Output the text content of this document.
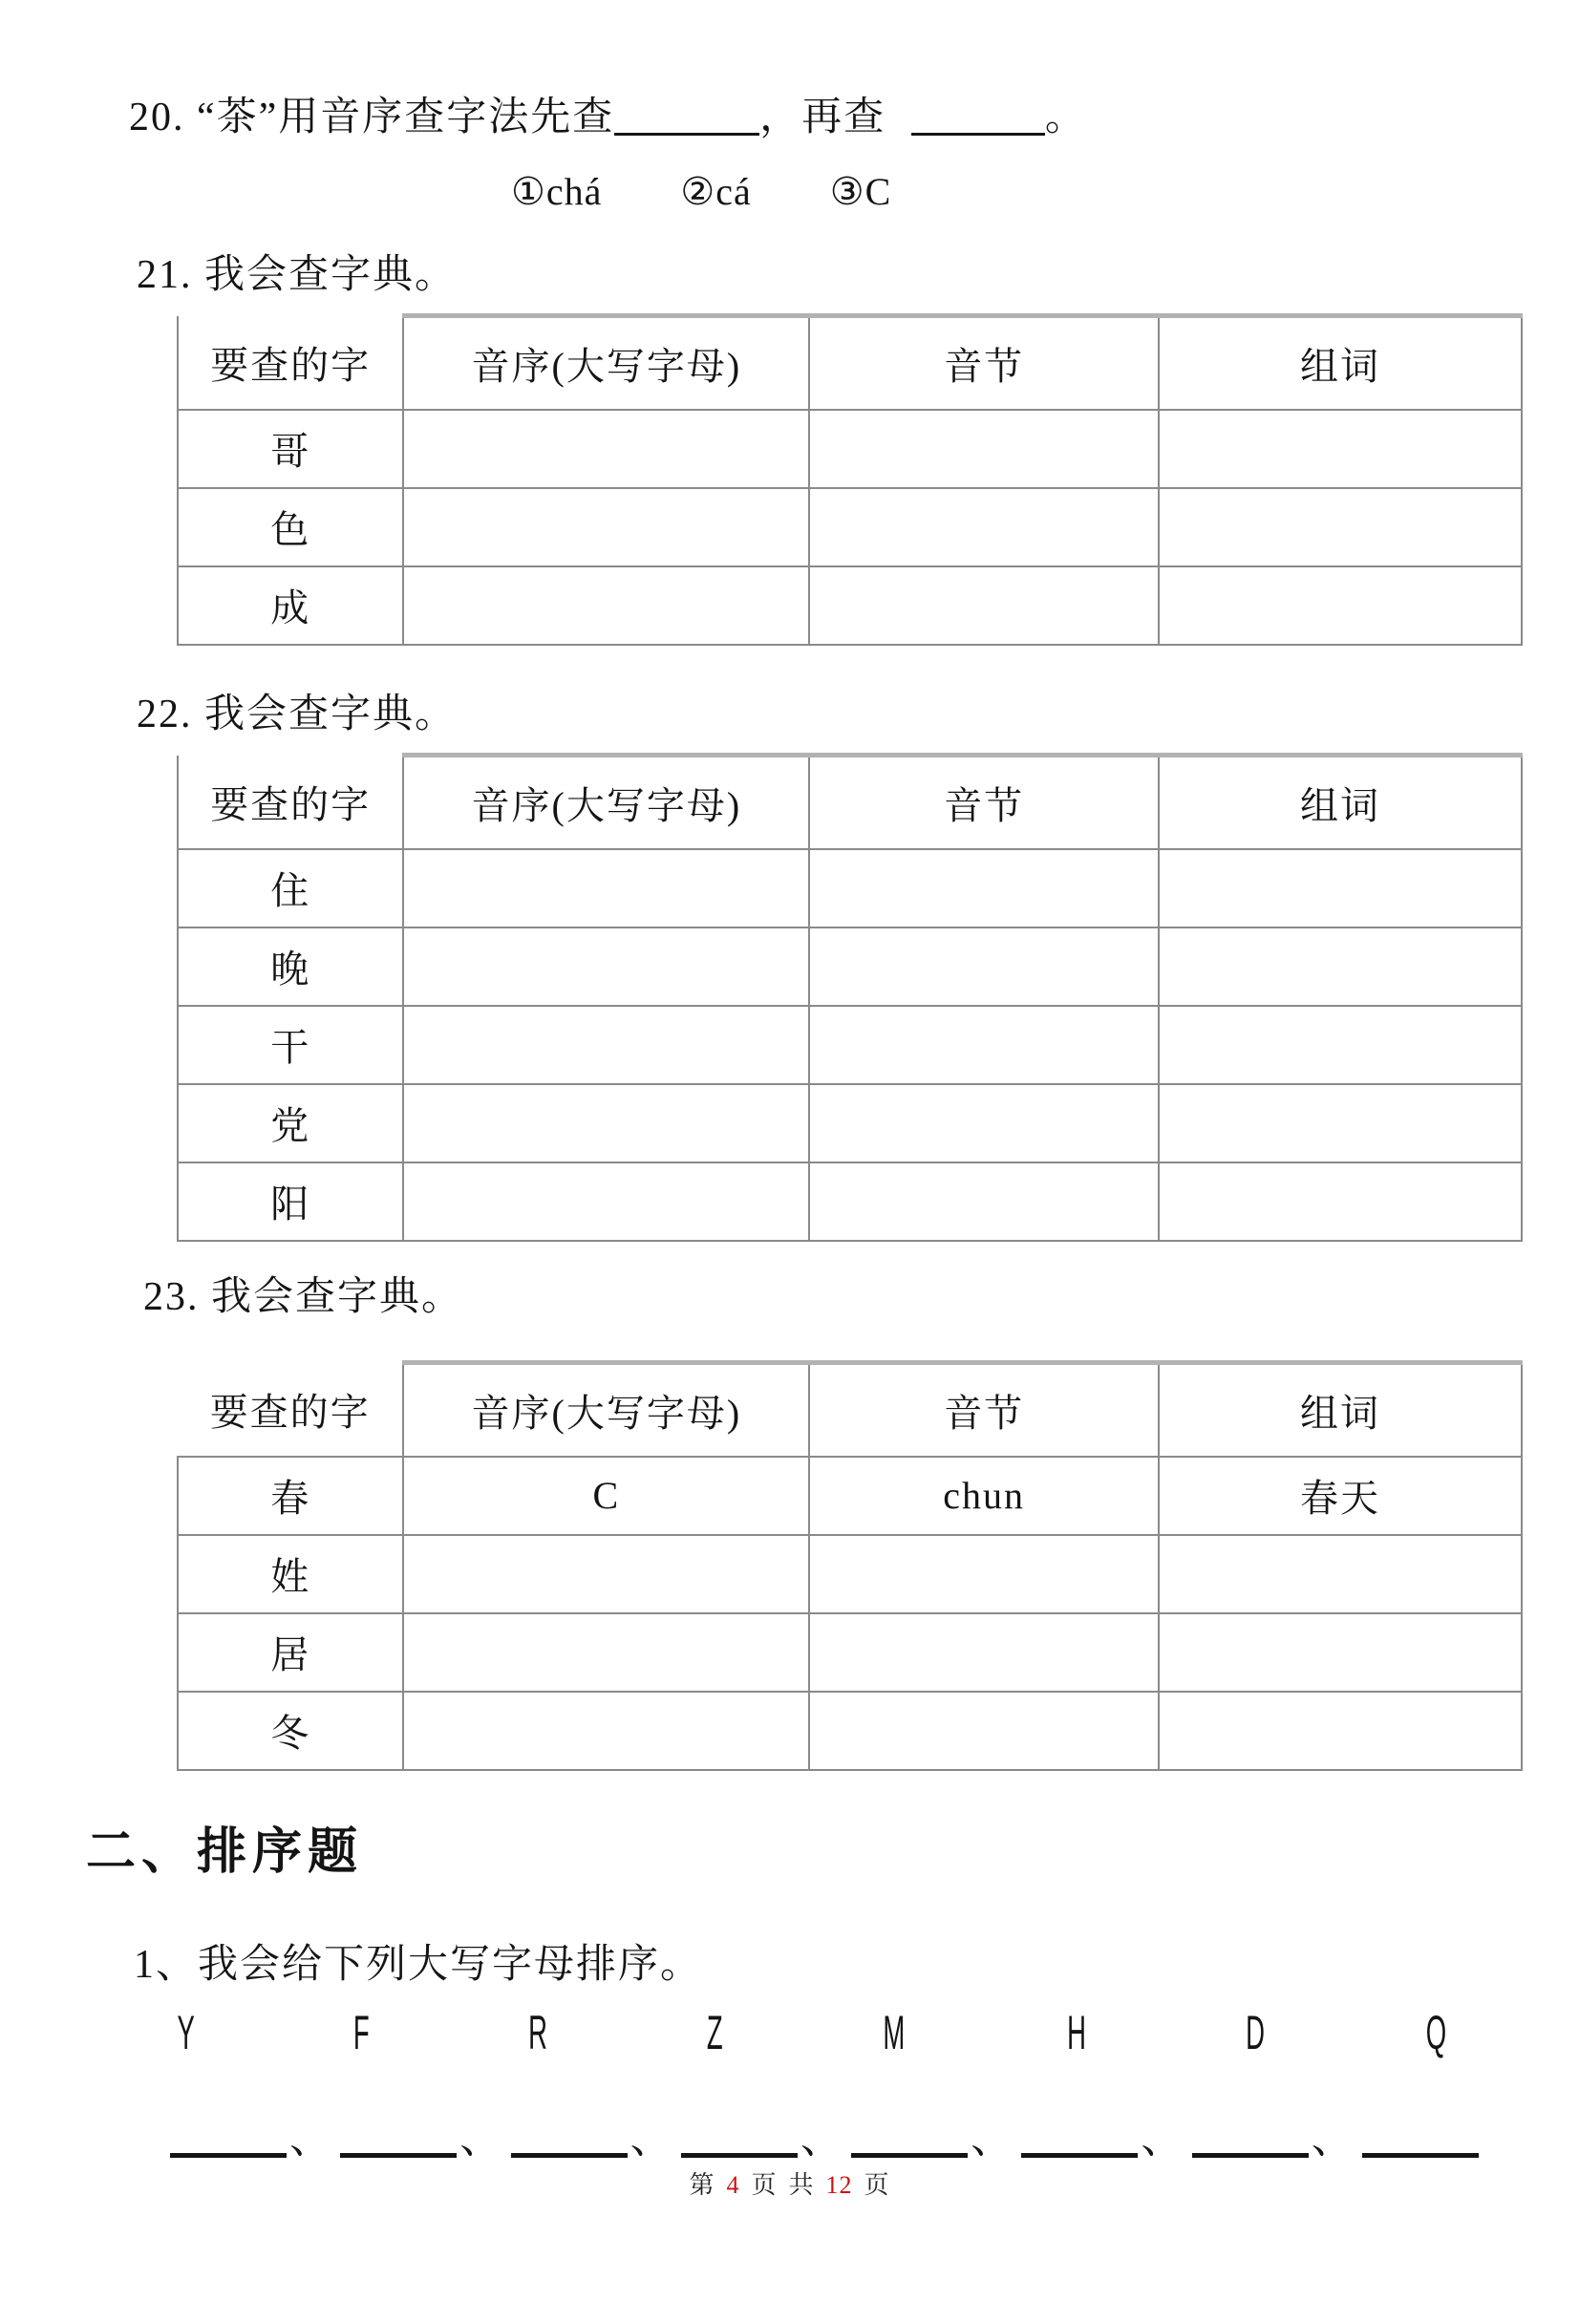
20. “茶”用音序查字法先查	，再查	。
①chá ②cá ③C
21. 我会查字典。
要查的字	音序(大写字母)	音节	组词
哥			
色			
成			
22. 我会查字典。
要查的字	音序(大写字母)	音节	组词
住			
晚			
干			
党			
阳			
23. 我会查字典。
要查的字	音序(大写字母)	音节	组词
春	C	chun	春天
姓			
居			
冬			
二、排序题
1、我会给下列大写字母排序。
Y	F	R	Z	M	H	D	Q
、	、	、	、	、	、	、
第 4 页 共 12 页
